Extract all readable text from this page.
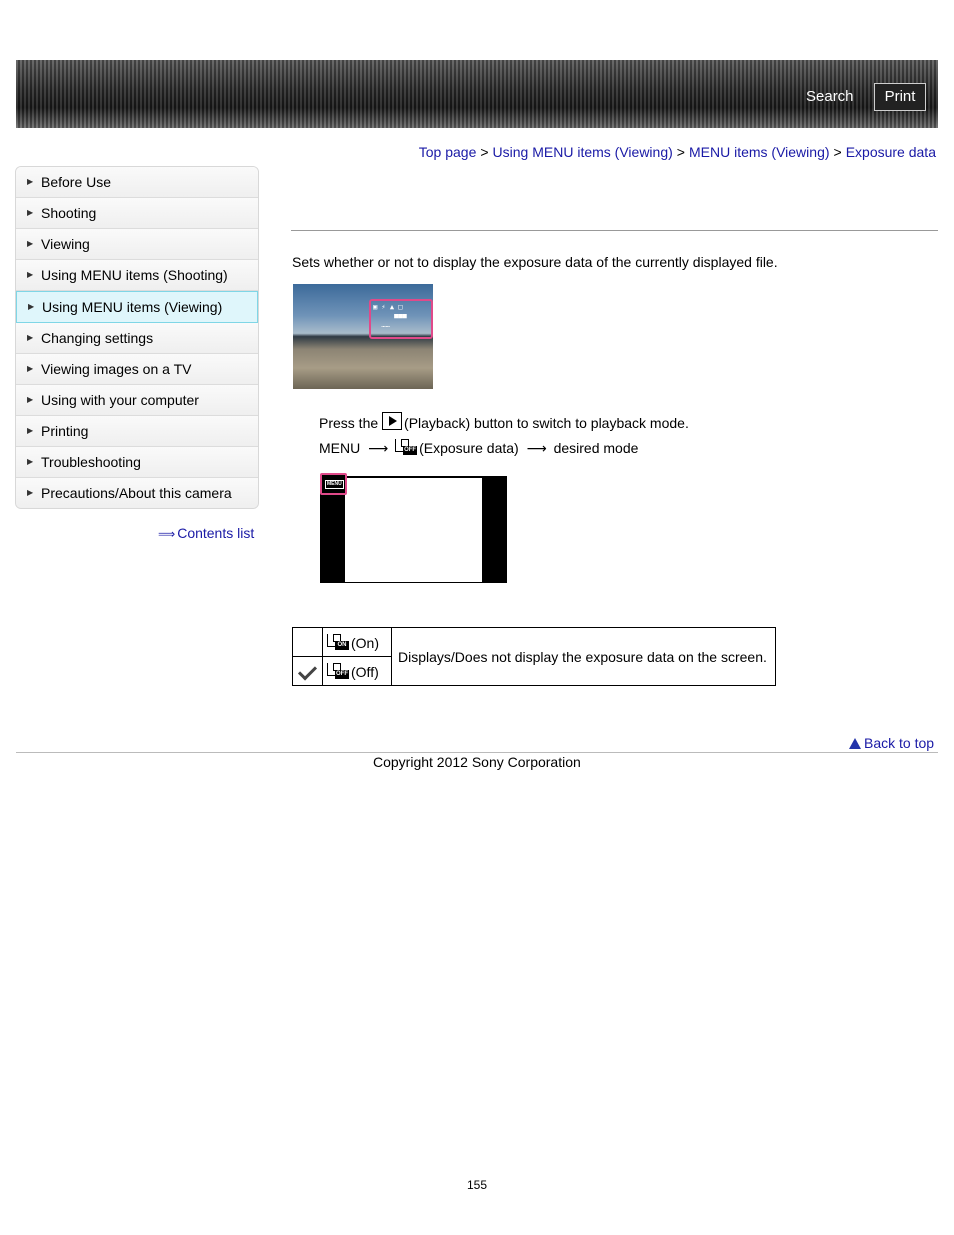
Search	Print
Top page > Using MENU items (Viewing) > MENU items (Viewing) > Exposure data
▶ Before Use
▶ Shooting
▶ Viewing
▶ Using MENU items (Shooting)
▶ Using MENU items (Viewing)
▶ Changing settings
▶ Viewing images on a TV
▶ Using with your computer
▶ Printing
▶ Troubleshooting
▶ Precautions/About this camera
⟹ Contents list
Sets whether or not to display the exposure data of the currently displayed file.
▣ ⚡ ▲ □
■■■
……
Press the (Playback) button to switch to playback mode.
MENU ⟶	OFF (Exposure data) ⟶ desired mode
MENU

	ON (On)	Displays/Does not display the exposure data on the screen.

	OFF (Off)	
Back to top
Copyright 2012 Sony Corporation
155
